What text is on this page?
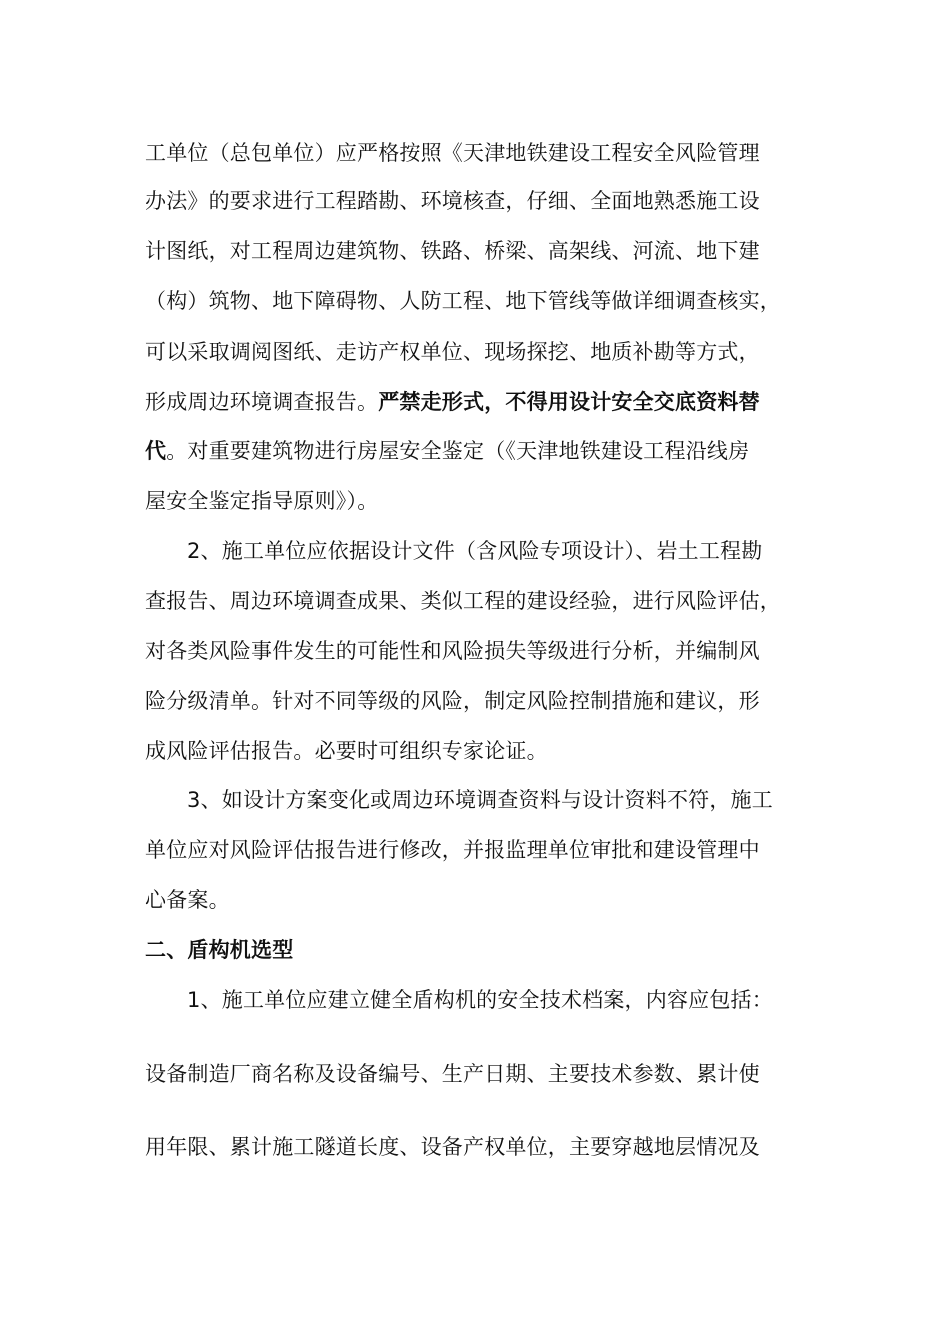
工单位（总包单位）应严格按照《天津地铁建设工程安全风险管理

办法》的要求进行工程踏勘、环境核查，仔细、全面地熟悉施工设

计图纸，对工程周边建筑物、铁路、桥梁、高架线、河流、地下建

（构）筑物、地下障碍物、人防工程、地下管线等做详细调查核实，

可以采取调阅图纸、走访产权单位、现场探挖、地质补勘等方式，

形成周边环境调查报告。严禁走形式，不得用设计安全交底资料替

代。对重要建筑物进行房屋安全鉴定（《天津地铁建设工程沿线房

屋安全鉴定指导原则》）。

2、施工单位应依据设计文件（含风险专项设计）、岩土工程勘

查报告、周边环境调查成果、类似工程的建设经验，进行风险评估，

对各类风险事件发生的可能性和风险损失等级进行分析，并编制风

险分级清单。针对不同等级的风险，制定风险控制措施和建议，形

成风险评估报告。必要时可组织专家论证。

3、如设计方案变化或周边环境调查资料与设计资料不符，施工

单位应对风险评估报告进行修改，并报监理单位审批和建设管理中

心备案。

二、盾构机选型

1、施工单位应建立健全盾构机的安全技术档案，内容应包括：

设备制造厂商名称及设备编号、生产日期、主要技术参数、累计使

用年限、累计施工隧道长度、设备产权单位，主要穿越地层情况及
